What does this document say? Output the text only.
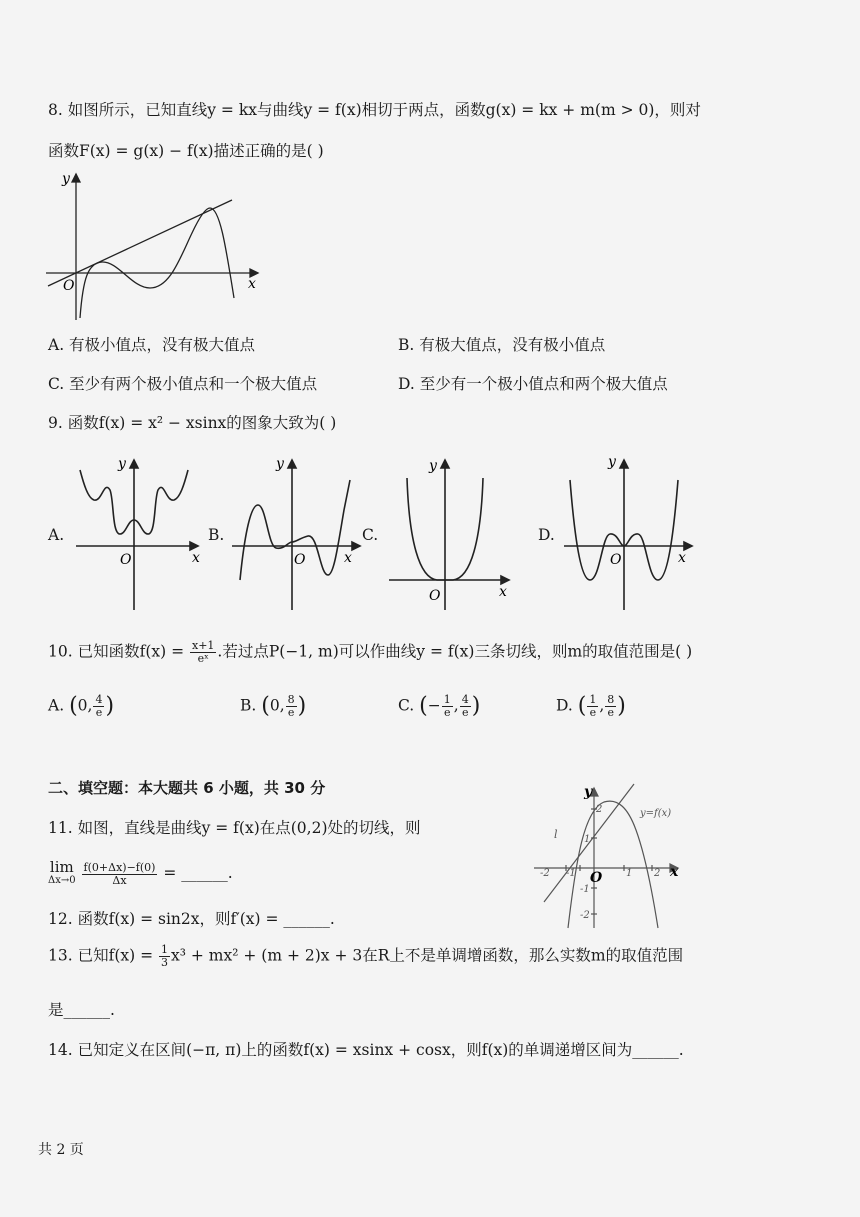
8. 如图所示，已知直线y = kx与曲线y = f(x)相切于两点，函数g(x) = kx + m(m > 0)，则对
函数F(x) = g(x) − f(x)描述正确的是( )
y
x
O
A. 有极小值点，没有极大值点	B. 有极大值点，没有极小值点
C. 至少有两个极小值点和一个极大值点	D. 至少有一个极小值点和两个极大值点
9. 函数f(x) = x² − xsinx的图象大致为( )
A.
y
x
O
B.
y
x
O
C.
y
x
O
D.
y
x
O
10. 已知函数$f(x) = \frac{x+1}{\text{eˣ}}$ .若过点P(−1, m)可以作曲线y = f(x)三条切线，则m的取值范围是( )
A. (0, $\frac{4}{e}$ )	B. (0, $\frac{8}{e}$ )	C. (− $\frac{1}{e}$ , $\frac{4}{e}$ )	D. ( $\frac{1}{e}$ , $\frac{8}{e}$ )
二、填空题：本大题共 6 小题，共 30 分
11. 如图，直线是曲线y = f(x)在点(0,2)处的切线，则
lim
Δx→0
$\frac{f(0+\Delta x)-f(0)}{\Delta x}$ = ______.
y
x
O
y=f(x)
l
-2 -1	1 2
2
1
-1
-2
12. 函数f(x) = sin2x，则f′(x) = ______.
13. 已知$f(x) = \frac{1}{3} x^3 + mx^2 + (m + 2)x + 3$在R上不是单调增函数，那么实数m的取值范围
是______.
14. 已知定义在区间(−π, π)上的函数f(x) = xsinx + cosx，则f(x)的单调递增区间为______.
共 2 页
